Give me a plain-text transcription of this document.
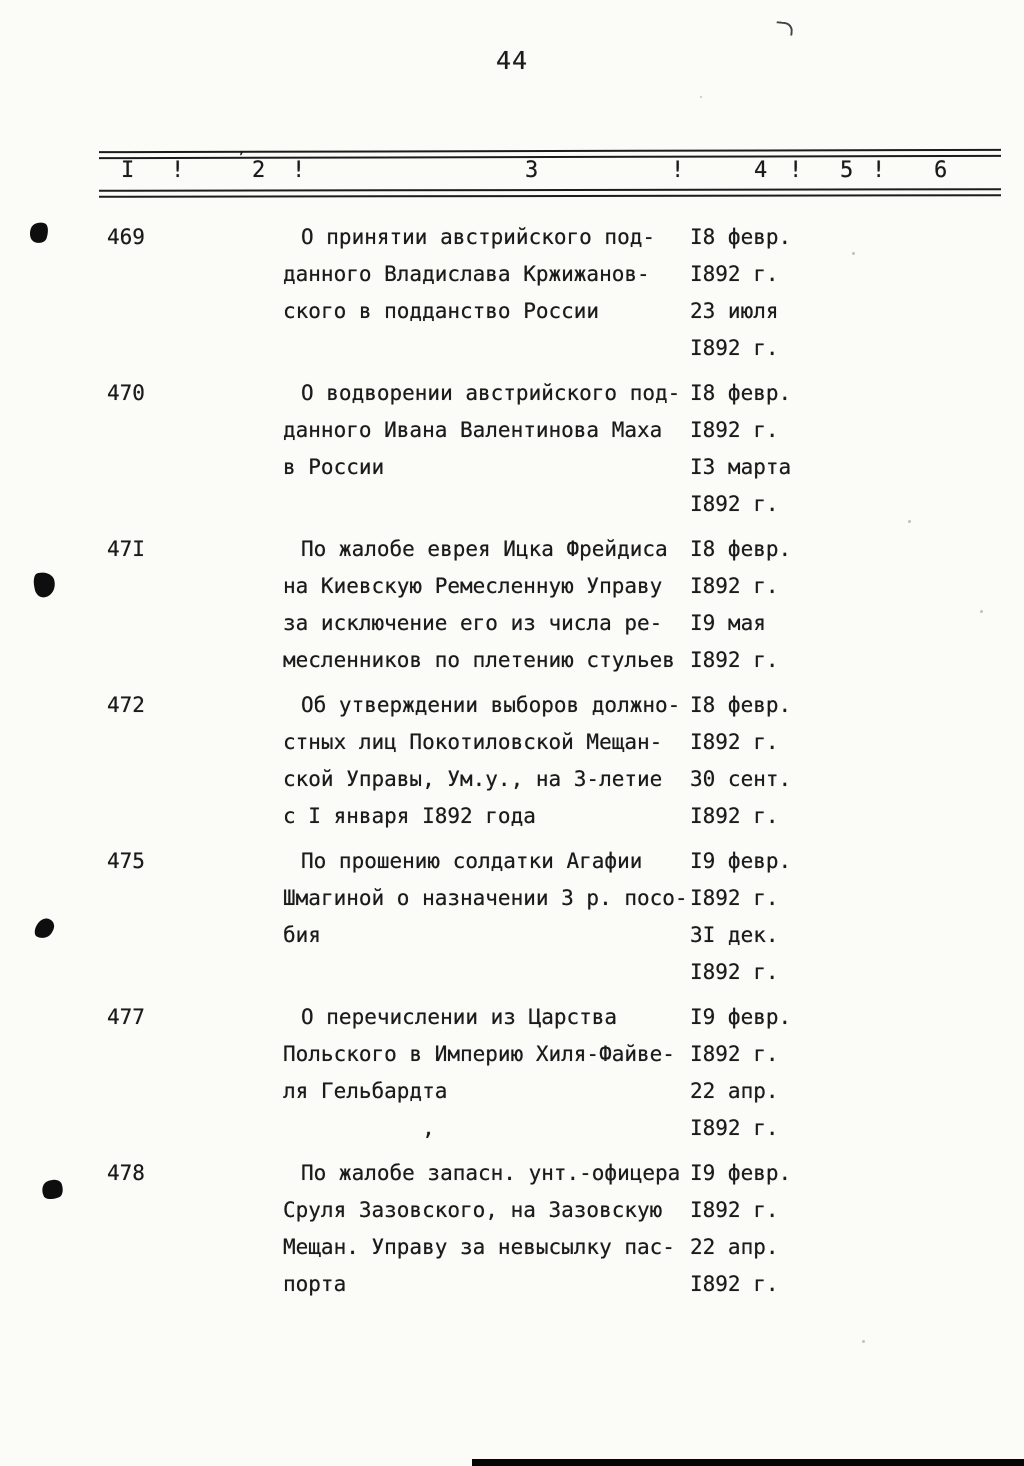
44
I !	’ 2 !	3	!	4 ! 5 ! 6
469	О принятии австрийского под-	I8 февр.
данного Владислава Кржижанов-	I892 г.
ского в подданство России	23 июля
I892 г.
470	О водворении австрийского под- I8 февр.
данного Ивана Валентинова Маха	I892 г.
в России	I3 марта
I892 г.
47I	По жалобе еврея Ицка Фрейдиса	I8 февр.
на Киевскую Ремесленную Управу	I892 г.
за исключение его из числа ре-	I9 мая
месленников по плетению стульев I892 г.
472	Об утверждении выборов должно- I8 февр.
стных лиц Покотиловской Мещан-	I892 г.
ской Управы, Ум.у., на 3-летие	30 сент.
с I января I892 года	I892 г.
475	По прошению солдатки Агафии	I9 февр.
Шмагиной о назначении 3 р. посо- I892 г.
бия	3I дек.
I892 г.
477	О перечислении из Царства	I9 февр.
Польского в Империю Хиля-Файве- I892 г.
ля Гельбардта	22 апр.
,	I892 г.
478	По жалобе запасн. унт.-офицера I9 февр.
Сруля Зазовского, на Зазовскую	I892 г.
Мещан. Управу за невысылку пас- 22 апр.
порта	I892 г.
